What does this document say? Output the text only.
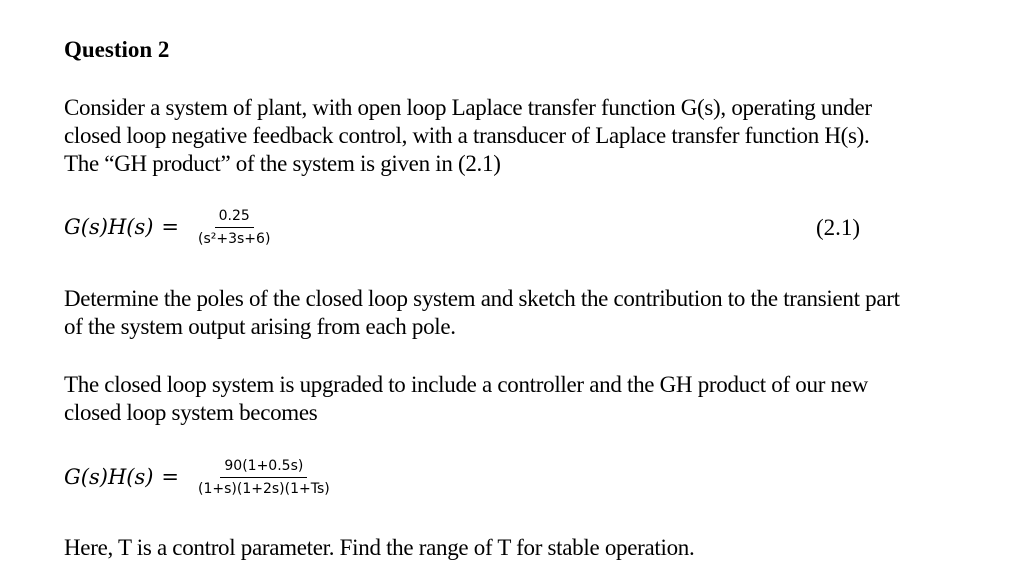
Question 2

Consider a system of plant, with open loop Laplace transfer function G(s), operating under
closed loop negative feedback control, with a transducer of Laplace transfer function H(s).
The “GH product” of the system is given in (2.1)

$G(s)H(s) = \frac{0.25}{\text{(s²+3s+6)}}$	(2.1)

Determine the poles of the closed loop system and sketch the contribution to the transient part
of the system output arising from each pole.

The closed loop system is upgraded to include a controller and the GH product of our new
closed loop system becomes

$G(s)H(s) = \frac{90(1+0.5s)}{(1+s)(1+2s)(1+Ts)}$

Here, T is a control parameter. Find the range of T for stable operation.
